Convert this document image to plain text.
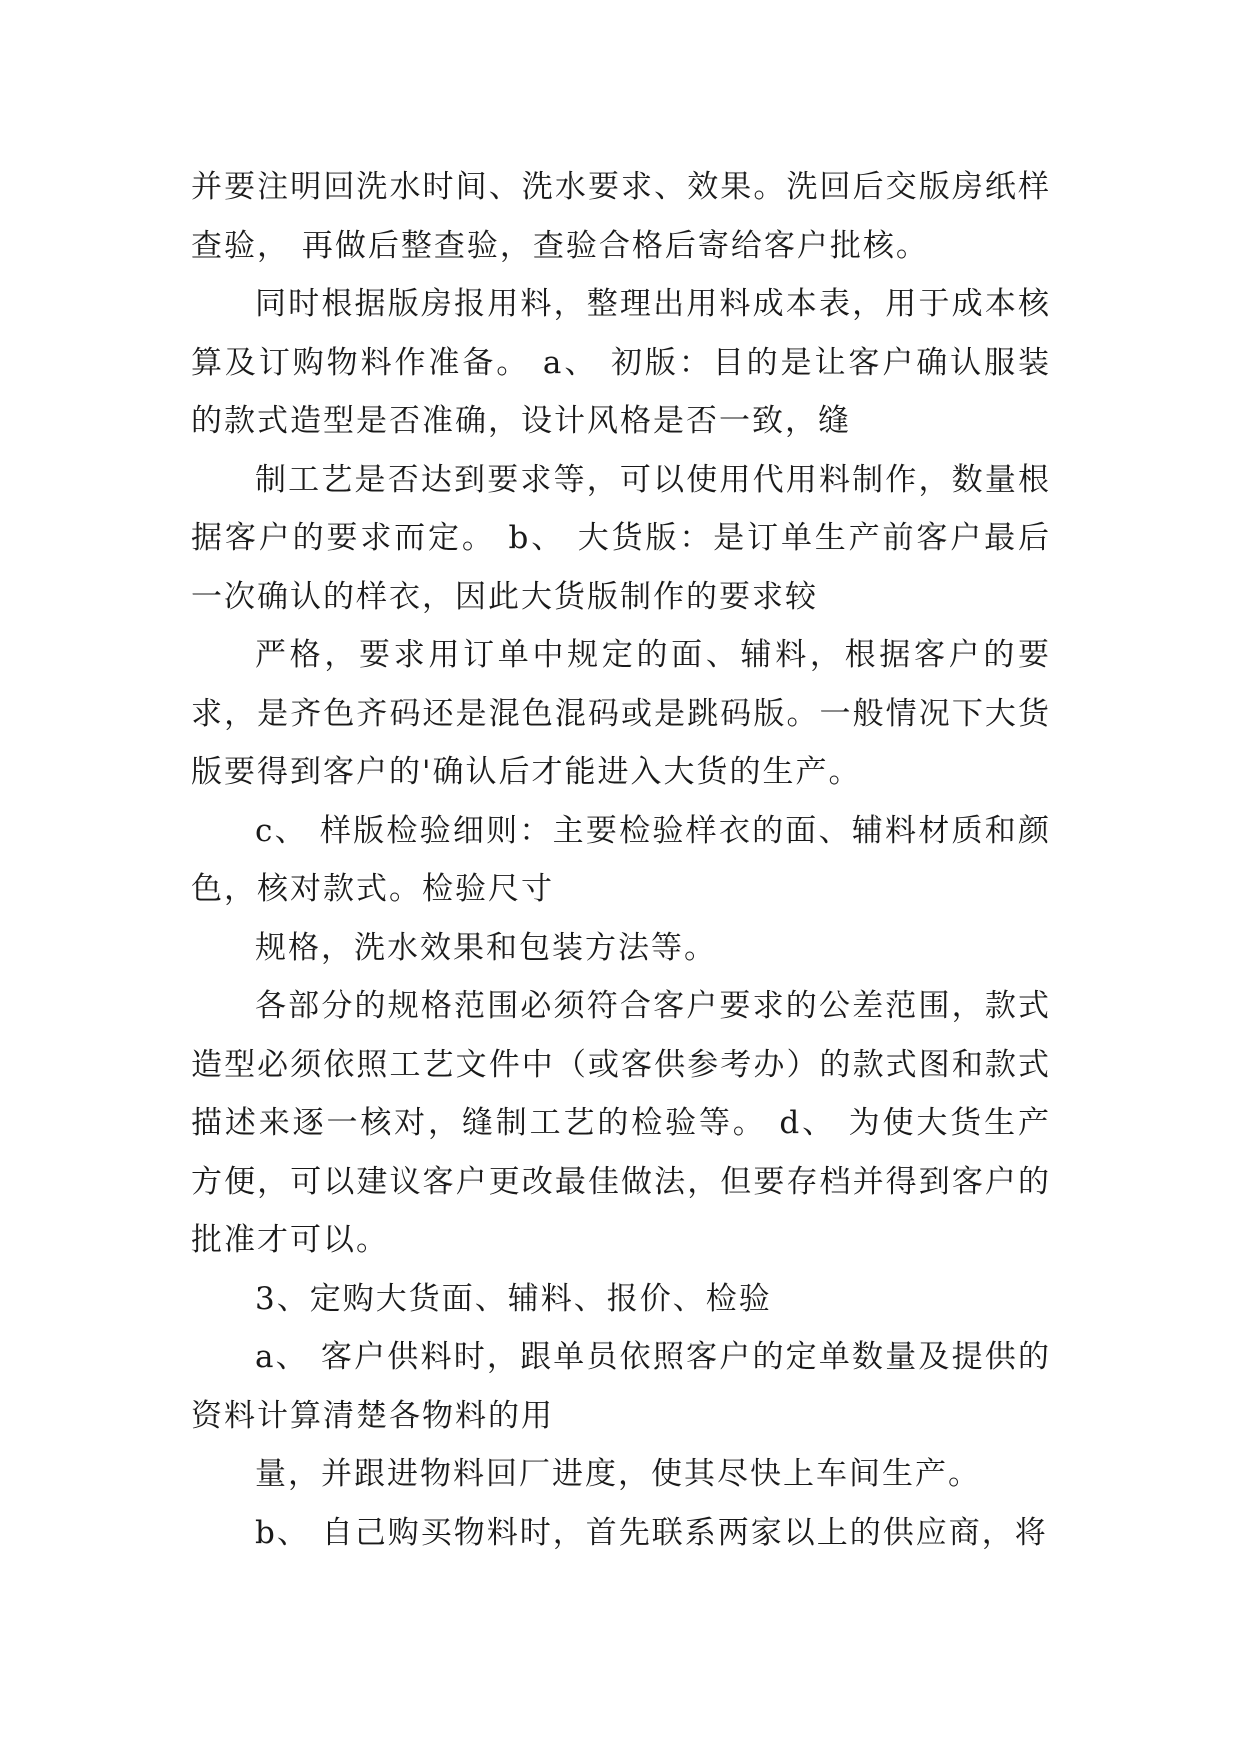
并要注明回洗水时间、洗水要求、效果。洗回后交版房纸样查验， 再做后整查验，查验合格后寄给客户批核。

同时根据版房报用料，整理出用料成本表，用于成本核算及订购物料作准备。 a、 初版：目的是让客户确认服装的款式造型是否准确，设计风格是否一致，缝

制工艺是否达到要求等，可以使用代用料制作，数量根据客户的要求而定。 b、 大货版：是订单生产前客户最后一次确认的样衣，因此大货版制作的要求较

严格，要求用订单中规定的面、辅料，根据客户的要求，是齐色齐码还是混色混码或是跳码版。一般情况下大货版要得到客户的'确认后才能进入大货的生产。

c、 样版检验细则：主要检验样衣的面、辅料材质和颜色，核对款式。检验尺寸

规格，洗水效果和包装方法等。

各部分的规格范围必须符合客户要求的公差范围，款式造型必须依照工艺文件中（或客供参考办）的款式图和款式描述来逐一核对，缝制工艺的检验等。 d、 为使大货生产方便，可以建议客户更改最佳做法，但要存档并得到客户的批准才可以。

3、定购大货面、辅料、报价、检验

a、 客户供料时，跟单员依照客户的定单数量及提供的资料计算清楚各物料的用

量，并跟进物料回厂进度，使其尽快上车间生产。

b、 自己购买物料时，首先联系两家以上的供应商，将
